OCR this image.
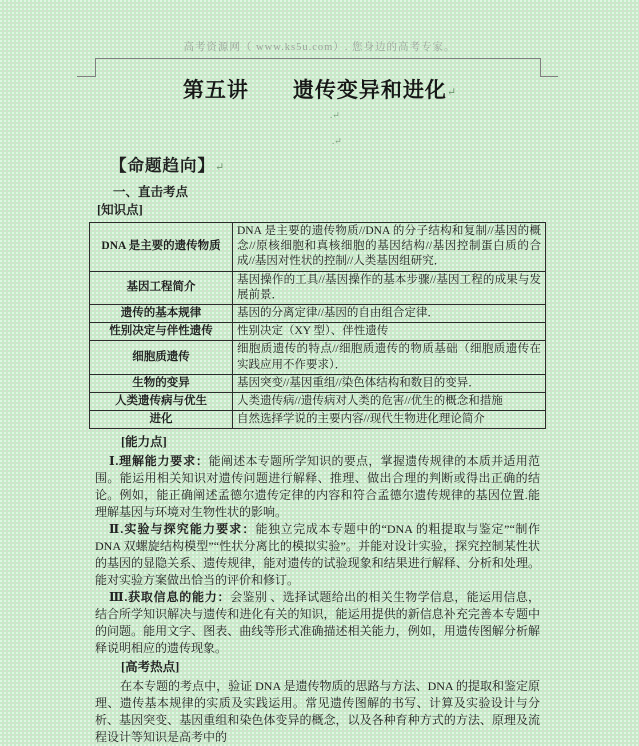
高考资源网（ www.ks5u.com）. 您身边的高考专家。
第五讲　　遗传变异和进化↵
.↵
.↵
【命题趋向】↵
一、直击考点
[知识点]
DNA 是主要的遗传物质	DNA 是主要的遗传物质//DNA 的分子结构和复制//基因的概念//原核细胞和真核细胞的基因结构//基因控制蛋白质的合成//基因对性状的控制//人类基因组研究．
基因工程简介	基因操作的工具//基因操作的基本步骤//基因工程的成果与发展前景．
遗传的基本规律	基因的分离定律//基因的自由组合定律．
性别决定与伴性遗传	性别决定（XY 型）、伴性遗传
细胞质遗传	细胞质遗传的特点//细胞质遗传的物质基础（细胞质遗传在实践应用不作要求）．
生物的变异	基因突变//基因重组//染色体结构和数目的变异．
人类遗传病与优生	人类遗传病//遗传病对人类的危害//优生的概念和措施
进化	自然选择学说的主要内容//现代生物进化理论简介
[能力点]

Ⅰ.理解能力要求：能阐述本专题所学知识的要点，掌握遗传规律的本质并适用范围。能运用相关知识对遗传问题进行解释、推理、做出合理的判断或得出正确的结论。例如，能正确阐述孟德尔遗传定律的内容和符合孟德尔遗传规律的基因位置.能理解基因与环境对生物性状的影响。

Ⅱ.实验与探究能力要求：能独立完成本专题中的“DNA 的粗提取与鉴定”“制作 DNA 双螺旋结构模型”“性状分离比的模拟实验”。并能对设计实验，探究控制某性状的基因的显隐关系、遗传规律，能对遗传的试验现象和结果进行解释、分析和处理。能对实验方案做出恰当的评价和修订。

Ⅲ.获取信息的能力：会鉴别 、选择试题给出的相关生物学信息，能运用信息，结合所学知识解决与遗传和进化有关的知识，能运用提供的新信息补充完善本专题中的问题。能用文字、图表、曲线等形式准确描述相关能力，例如，用遗传图解分析解释说明相应的遗传现象。

[高考热点]

在本专题的考点中，验证 DNA 是遗传物质的思路与方法、DNA 的提取和鉴定原理、遗传基本规律的实质及实践运用。常见遗传图解的书写、计算及实验设计与分析、基因突变、基因重组和染色体变异的概念，以及各种育种方式的方法、原理及流程设计等知识是高考中的
